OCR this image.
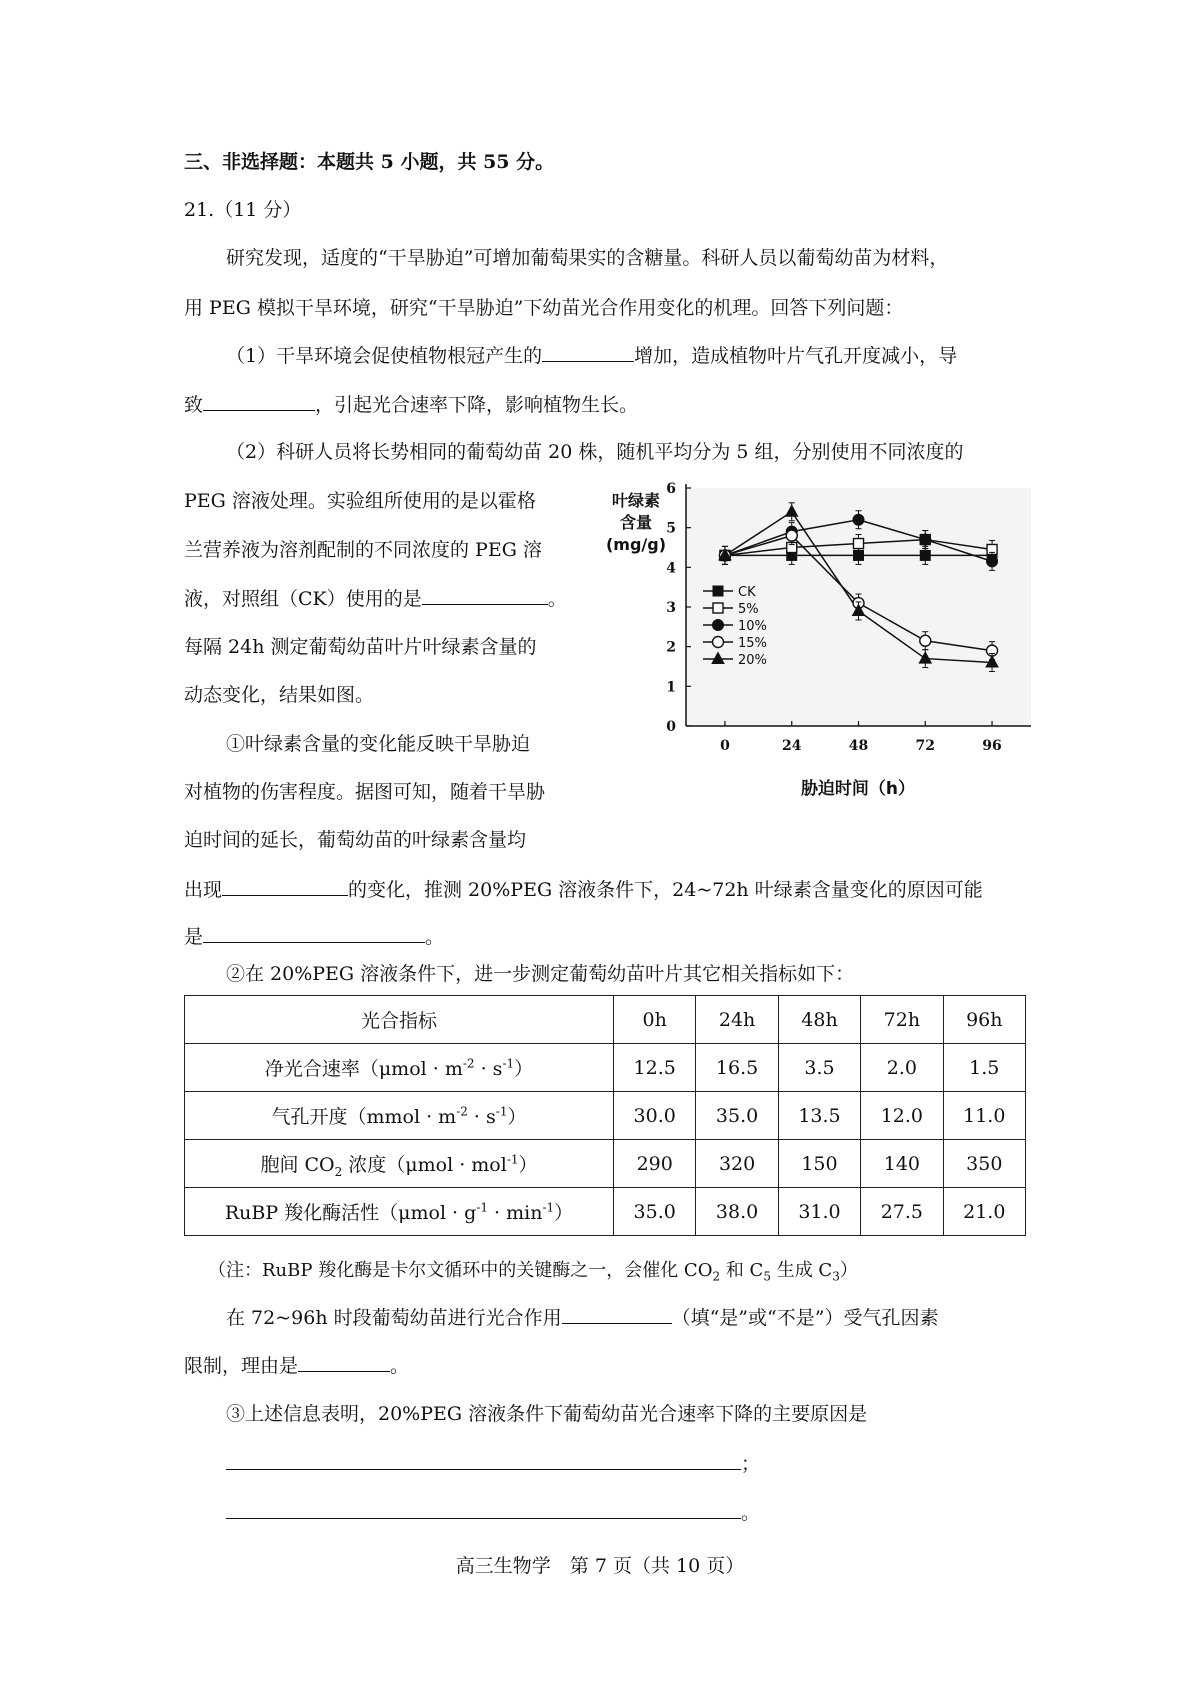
三、非选择题：本题共 5 小题，共 55 分。
21.（11 分）
研究发现，适度的“干旱胁迫”可增加葡萄果实的含糖量。科研人员以葡萄幼苗为材料，
用 PEG 模拟干旱环境，研究“干旱胁迫”下幼苗光合作用变化的机理。回答下列问题：
（1）干旱环境会促使植物根冠产生的	增加，造成植物叶片气孔开度减小，导
致	，引起光合速率下降，影响植物生长。
（2）科研人员将长势相同的葡萄幼苗 20 株，随机平均分为 5 组，分别使用不同浓度的
PEG 溶液处理。实验组所使用的是以霍格
兰营养液为溶剂配制的不同浓度的 PEG 溶
液，对照组（CK）使用的是	。
每隔 24h 测定葡萄幼苗叶片叶绿素含量的
动态变化，结果如图。
①叶绿素含量的变化能反映干旱胁迫
对植物的伤害程度。据图可知，随着干旱胁
迫时间的延长，葡萄幼苗的叶绿素含量均
出现	的变化，推测 20%PEG 溶液条件下，24~72h 叶绿素含量变化的原因可能
是	。
②在 20%PEG 溶液条件下，进一步测定葡萄幼苗叶片其它相关指标如下：
叶绿素
含量
(mg/g)
胁迫时间（h）
0
1
2
3
4
5
6
0	24	48	72	96
CK
5%
10%
15%
20%
光合指标	0h	24h	48h	72h	96h
净光合速率$(\mu mol \cdot m^{-2} \cdot s^{-1})$	12.5	16.5	3.5	2.0	1.5
气孔开度（mmol · $m^{-2} \cdot s^{-1}$）	30.0	35.0	13.5	12.0	11.0
胞间 $CO_2$ 浓度（μmol · mol$^{-1}$）	290	320	150	140	350
RuBP 羧化酶活性$(\mu mol \cdot g^{-1} \cdot \min^{-1})$	35.0	38.0	31.0	27.5	21.0
（注：RuBP 羧化酶是卡尔文循环中的关键酶之一，会催化 $CO_2$ 和 $C_5$ 生成 $C_3$）
在 72~96h 时段葡萄幼苗进行光合作用	（填“是”或“不是”）受气孔因素
限制，理由是	。
③上述信息表明，20%PEG 溶液条件下葡萄幼苗光合速率下降的主要原因是
；
。
高三生物学　第 7 页（共 10 页）
